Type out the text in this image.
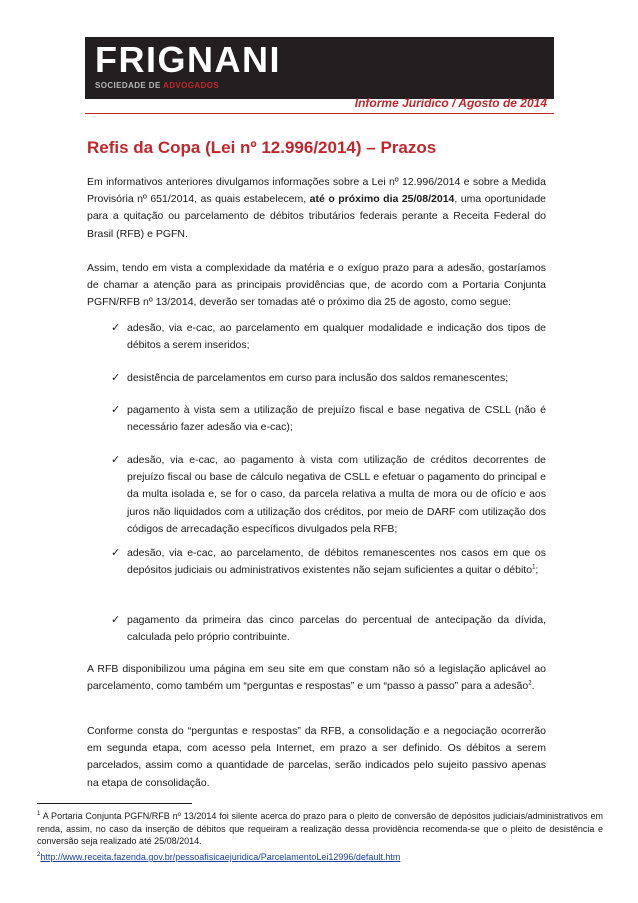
FRIGNANI
SOCIEDADE DE ADVOGADOS
Informe Jurídico / Agosto de 2014
Refis da Copa (Lei nº 12.996/2014) – Prazos
Em informativos anteriores divulgamos informações sobre a Lei nº 12.996/2014 e sobre a Medida Provisória nº 651/2014, as quais estabelecem, até o próximo dia 25/08/2014, uma oportunidade para a quitação ou parcelamento de débitos tributários federais perante a Receita Federal do Brasil (RFB) e PGFN.
Assim, tendo em vista a complexidade da matéria e o exíguo prazo para a adesão, gostaríamos de chamar a atenção para as principais providências que, de acordo com a Portaria Conjunta PGFN/RFB nº 13/2014, deverão ser tomadas até o próximo dia 25 de agosto, como segue:
✓ adesão, via e-cac, ao parcelamento em qualquer modalidade e indicação dos tipos de débitos a serem inseridos;
✓ desistência de parcelamentos em curso para inclusão dos saldos remanescentes;
✓ pagamento à vista sem a utilização de prejuízo fiscal e base negativa de CSLL (não é necessário fazer adesão via e-cac);
✓ adesão, via e-cac, ao pagamento à vista com utilização de créditos decorrentes de prejuízo fiscal ou base de cálculo negativa de CSLL e efetuar o pagamento do principal e da multa isolada e, se for o caso, da parcela relativa a multa de mora ou de ofício e aos juros não liquidados com a utilização dos créditos, por meio de DARF com utilização dos códigos de arrecadação específicos divulgados pela RFB;
✓ adesão, via e-cac, ao parcelamento, de débitos remanescentes nos casos em que os depósitos judiciais ou administrativos existentes não sejam suficientes a quitar o débito$^1$;
✓ pagamento da primeira das cinco parcelas do percentual de antecipação da dívida, calculada pelo próprio contribuinte.
A RFB disponibilizou uma página em seu site em que constam não só a legislação aplicável ao parcelamento, como também um “perguntas e respostas” e um “passo a passo” para a adesão$^2$.
Conforme consta do “perguntas e respostas” da RFB, a consolidação e a negociação ocorrerão em segunda etapa, com acesso pela Internet, em prazo a ser definido. Os débitos a serem parcelados, assim como a quantidade de parcelas, serão indicados pelo sujeito passivo apenas na etapa de consolidação.
$^1$ A Portaria Conjunta PGFN/RFB nº 13/2014 foi silente acerca do prazo para o pleito de conversão de depósitos judiciais/administrativos em renda, assim, no caso da inserção de débitos que requeiram a realização dessa providência recomenda-se que o pleito de desistência e conversão seja realizado até 25/08/2014.
$^2$http://www.receita.fazenda.gov.br/pessoafisicaejuridica/ParcelamentoLei12996/default.htm
